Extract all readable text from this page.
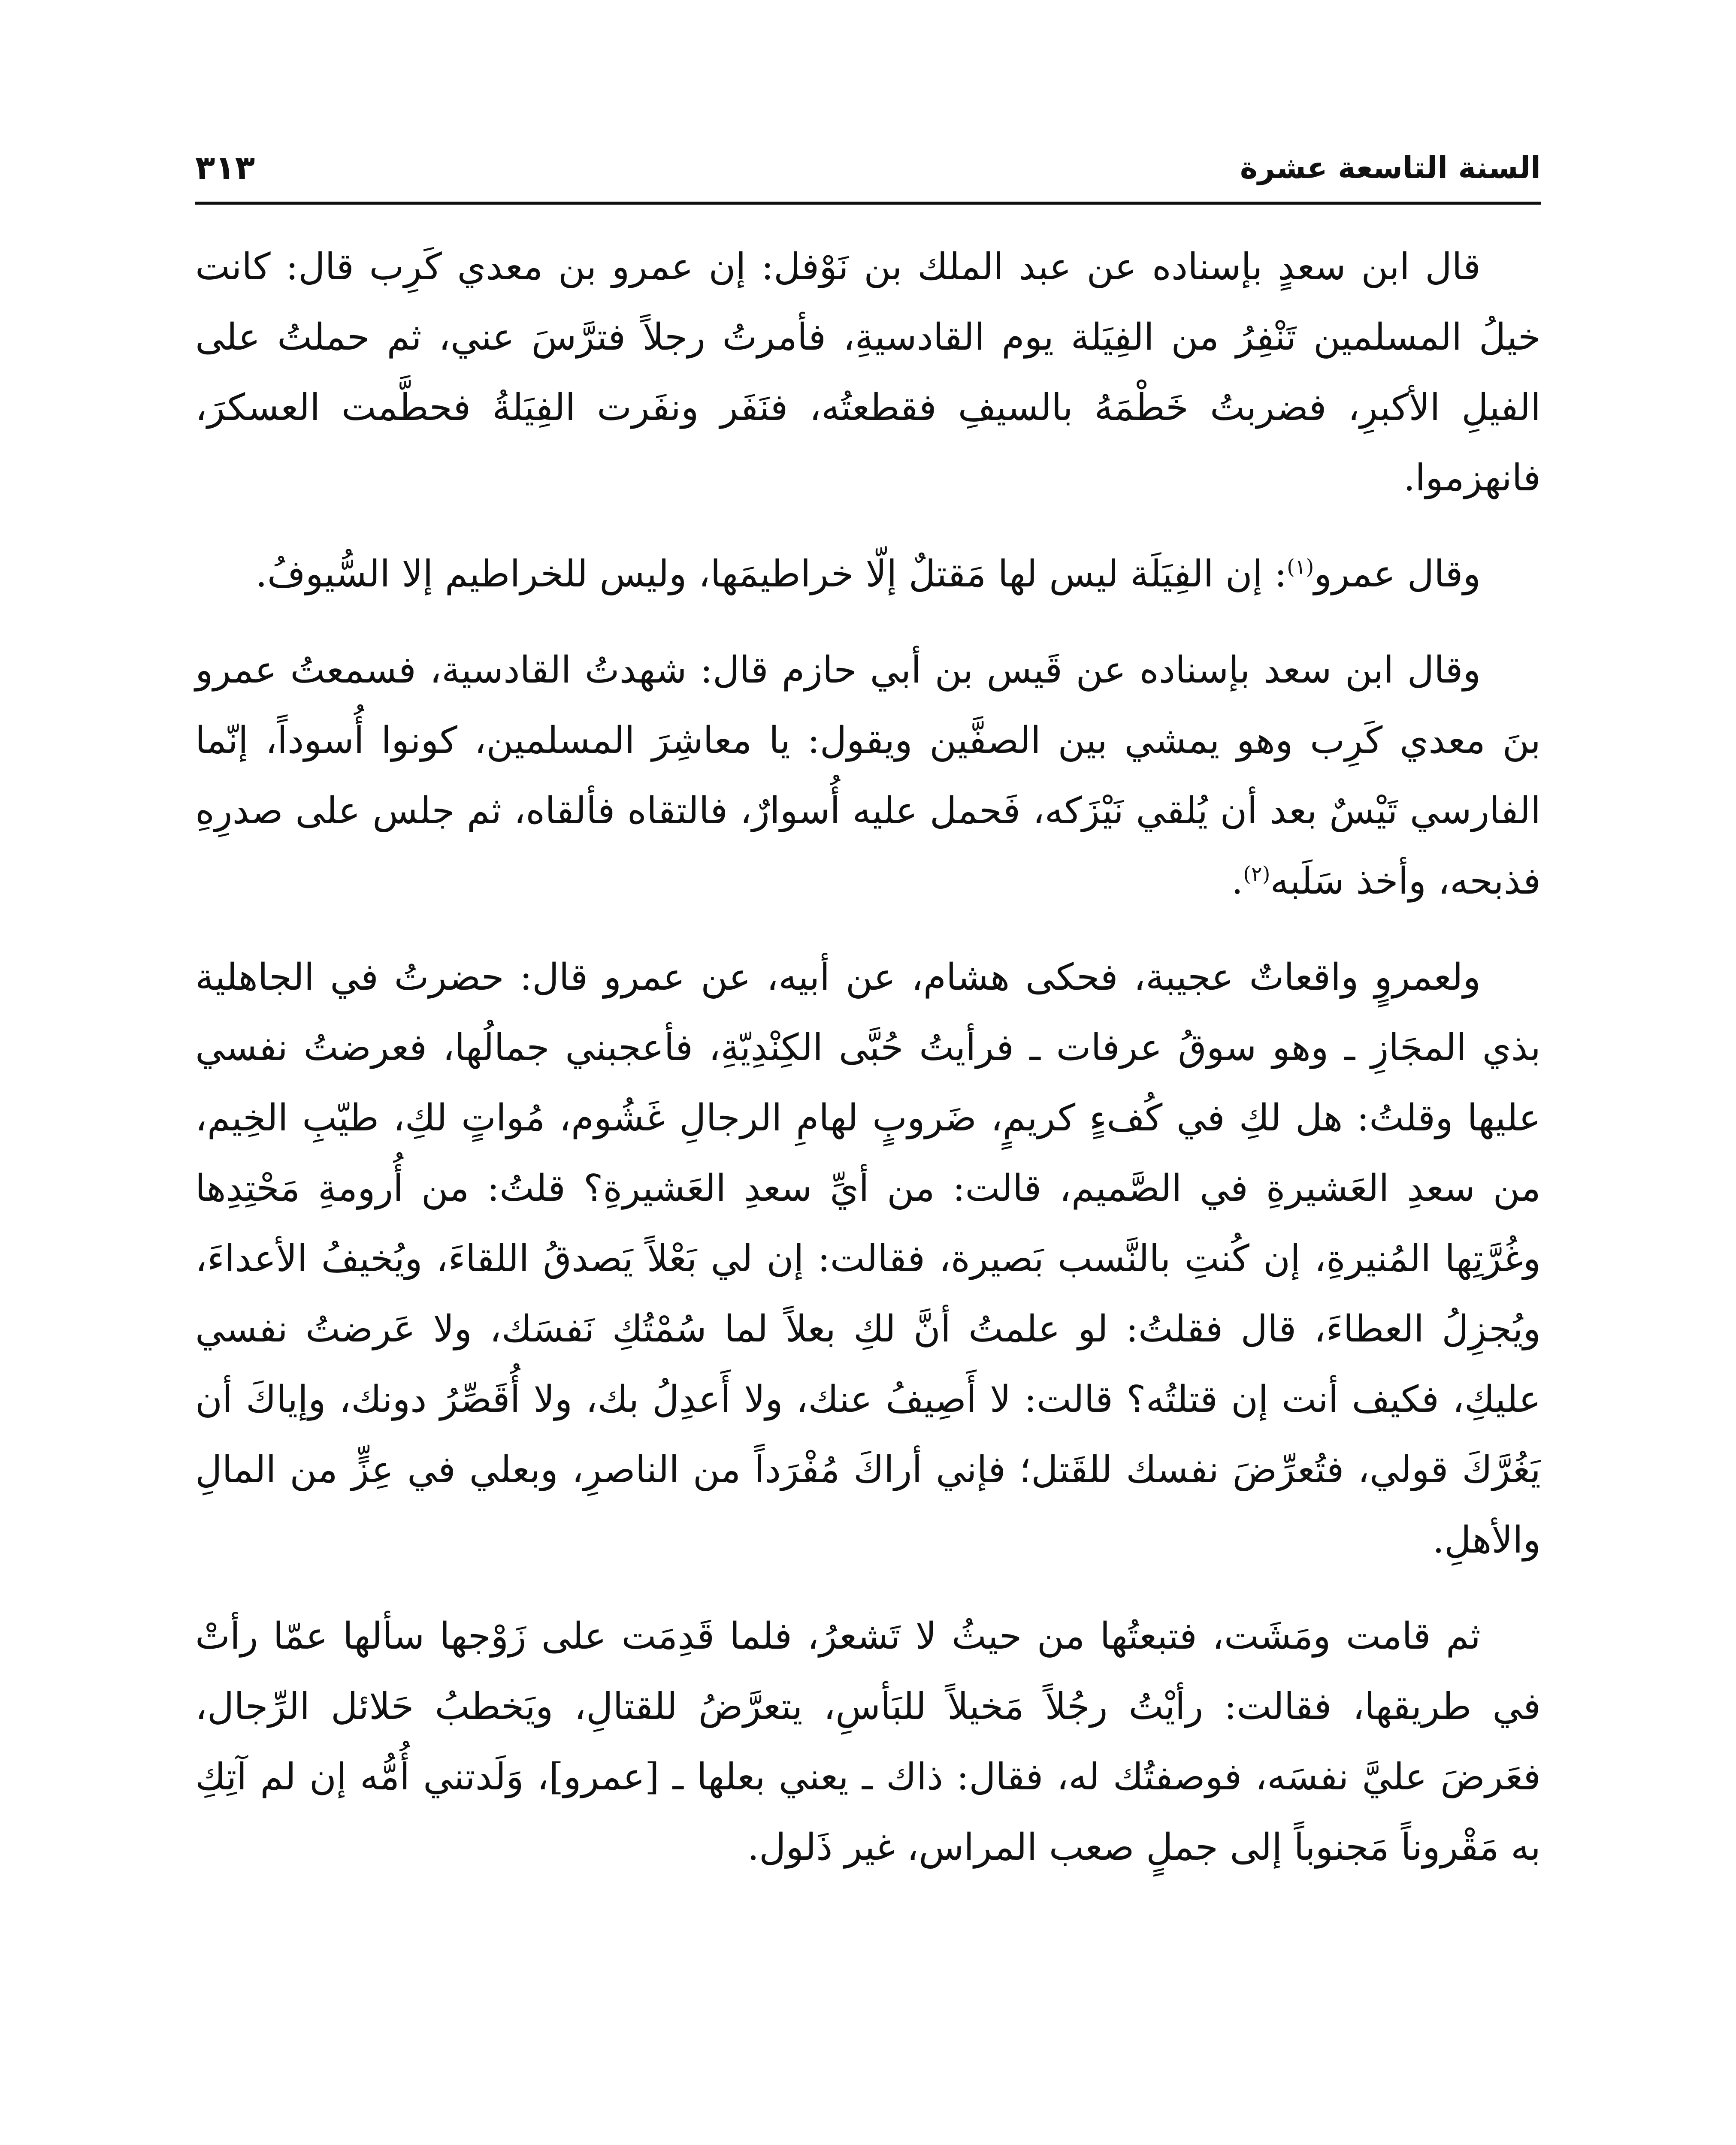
السنة التاسعة عشرة
٣١٣

قال ابن سعدٍ بإسناده عن عبد الملك بن نَوْفل: إن عمرو بن معدي كَرِب قال: كانت خيلُ المسلمين تَنْفِرُ من الفِيَلة يوم القادسيةِ، فأمرتُ رجلاً فترَّسَ عني، ثم حملتُ على الفيلِ الأكبرِ، فضربتُ خَطْمَهُ بالسيفِ فقطعتُه، فنَفَر ونفَرت الفِيَلةُ فحطَّمت العسكرَ، فانهزموا.

وقال عمرو$^{(١)}$: إن الفِيَلَة ليس لها مَقتلٌ إلّا خراطيمَها، وليس للخراطيم إلا السُّيوفُ.

وقال ابن سعد بإسناده عن قَيس بن أبي حازم قال: شهدتُ القادسية، فسمعتُ عمرو بنَ معدي كَرِب وهو يمشي بين الصفَّين ويقول: يا معاشِرَ المسلمين، كونوا أُسوداً، إنّما الفارسي تَيْسٌ بعد أن يُلقي نَيْزَكه، فَحمل عليه أُسوارٌ، فالتقاه فألقاه، ثم جلس على صدرِهِ فذبحه، وأخذ سَلَبه$^{(٢)}$.

ولعمروٍ واقعاتٌ عجيبة، فحكى هشام، عن أبيه، عن عمرو قال: حضرتُ في الجاهلية بذي المجَازِ ـ وهو سوقُ عرفات ـ فرأيتُ حُبَّى الكِنْدِيّةِ، فأعجبني جمالُها، فعرضتُ نفسي عليها وقلتُ: هل لكِ في كُفءٍ كريمٍ، ضَروبٍ لهامِ الرجالِ غَشُوم، مُواتٍ لكِ، طيّبِ الخِيم، من سعدِ العَشيرةِ في الصَّميم، قالت: من أيِّ سعدِ العَشيرةِ؟ قلتُ: من أُرومةِ مَحْتِدِها وغُرَّتِها المُنيرةِ، إن كُنتِ بالنَّسب بَصيرة، فقالت: إن لي بَعْلاً يَصدقُ اللقاءَ، ويُخيفُ الأعداءَ، ويُجزِلُ العطاءَ، قال فقلتُ: لو علمتُ أنَّ لكِ بعلاً لما سُمْتُكِ نَفسَك، ولا عَرضتُ نفسي عليكِ، فكيف أنت إن قتلتُه؟ قالت: لا أَصِيفُ عنك، ولا أَعدِلُ بك، ولا أُقَصِّرُ دونك، وإياكَ أن يَغُرَّكَ قولي، فتُعرِّضَ نفسك للقَتل؛ فإني أراكَ مُفْرَداً من الناصرِ، وبعلي في عِزٍّ من المالِ والأهلِ.

ثم قامت ومَشَت، فتبعتُها من حيثُ لا تَشعرُ، فلما قَدِمَت على زَوْجها سألها عمّا رأتْ في طريقها، فقالت: رأيْتُ رجُلاً مَخيلاً للبَأسِ، يتعرَّضُ للقتالِ، ويَخطبُ حَلائل الرِّجال، فعَرضَ عليَّ نفسَه، فوصفتُك له، فقال: ذاك ـ يعني بعلها ـ [عمرو]، وَلَدتني أُمُّه إن لم آتِكِ به مَقْروناً مَجنوباً إلى جملٍ صعب المراس، غير ذَلول.
